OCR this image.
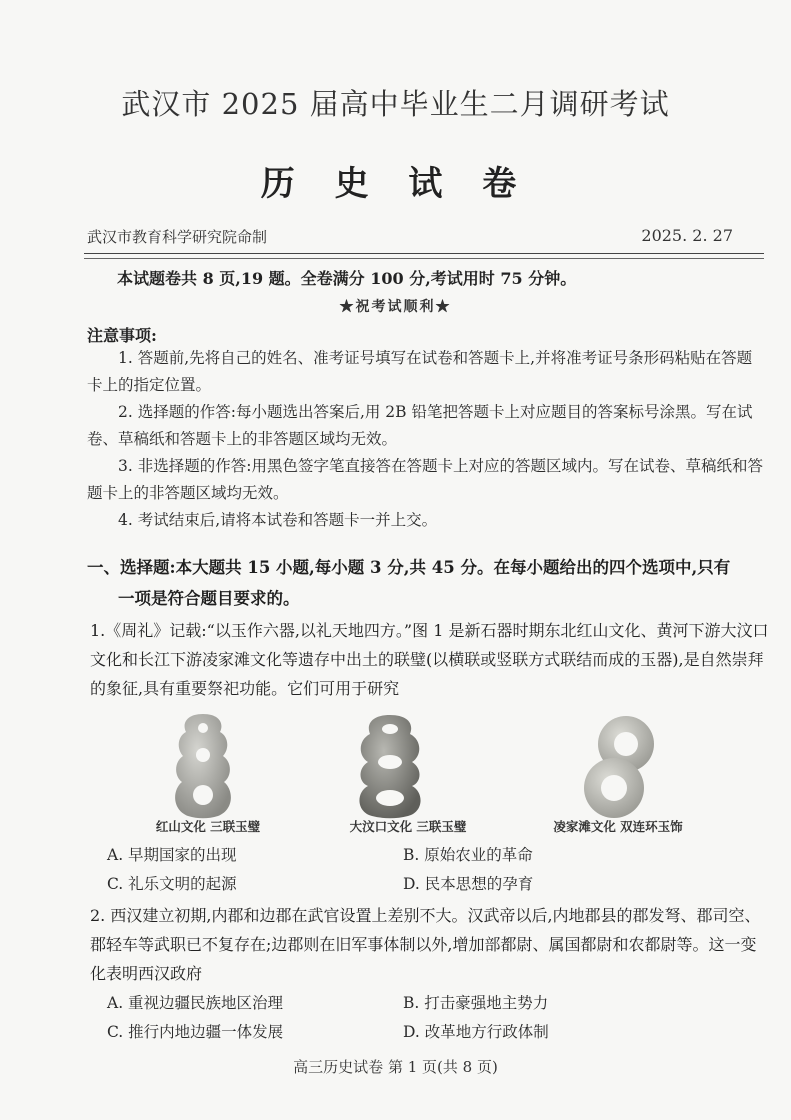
武汉市 2025 届高中毕业生二月调研考试
历 史 试 卷
武汉市教育科学研究院命制	2025. 2. 27
本试题卷共 8 页,19 题。全卷满分 100 分,考试用时 75 分钟。
★祝考试顺利★
注意事项:
1. 答题前,先将自己的姓名、准考证号填写在试卷和答题卡上,并将准考证号条形码粘贴在答题卡上的指定位置。
2. 选择题的作答:每小题选出答案后,用 2B 铅笔把答题卡上对应题目的答案标号涂黑。写在试卷、草稿纸和答题卡上的非答题区域均无效。
3. 非选择题的作答:用黑色签字笔直接答在答题卡上对应的答题区域内。写在试卷、草稿纸和答题卡上的非答题区域均无效。
4. 考试结束后,请将本试卷和答题卡一并上交。
一、选择题:本大题共 15 小题,每小题 3 分,共 45 分。在每小题给出的四个选项中,只有
一项是符合题目要求的。
1.《周礼》记载:“以玉作六器,以礼天地四方。”图 1 是新石器时期东北红山文化、黄河下游大汶口文化和长江下游凌家滩文化等遗存中出土的联璧(以横联或竖联方式联结而成的玉器),是自然崇拜的象征,具有重要祭祀功能。它们可用于研究
红山文化 三联玉璧	大汶口文化 三联玉璧	凌家滩文化 双连环玉饰
A. 早期国家的出现	B. 原始农业的革命
C. 礼乐文明的起源	D. 民本思想的孕育
2. 西汉建立初期,内郡和边郡在武官设置上差别不大。汉武帝以后,内地郡县的郡发弩、郡司空、郡轻车等武职已不复存在;边郡则在旧军事体制以外,增加部都尉、属国都尉和农都尉等。这一变化表明西汉政府
A. 重视边疆民族地区治理	B. 打击豪强地主势力
C. 推行内地边疆一体发展	D. 改革地方行政体制
高三历史试卷 第 1 页(共 8 页)
